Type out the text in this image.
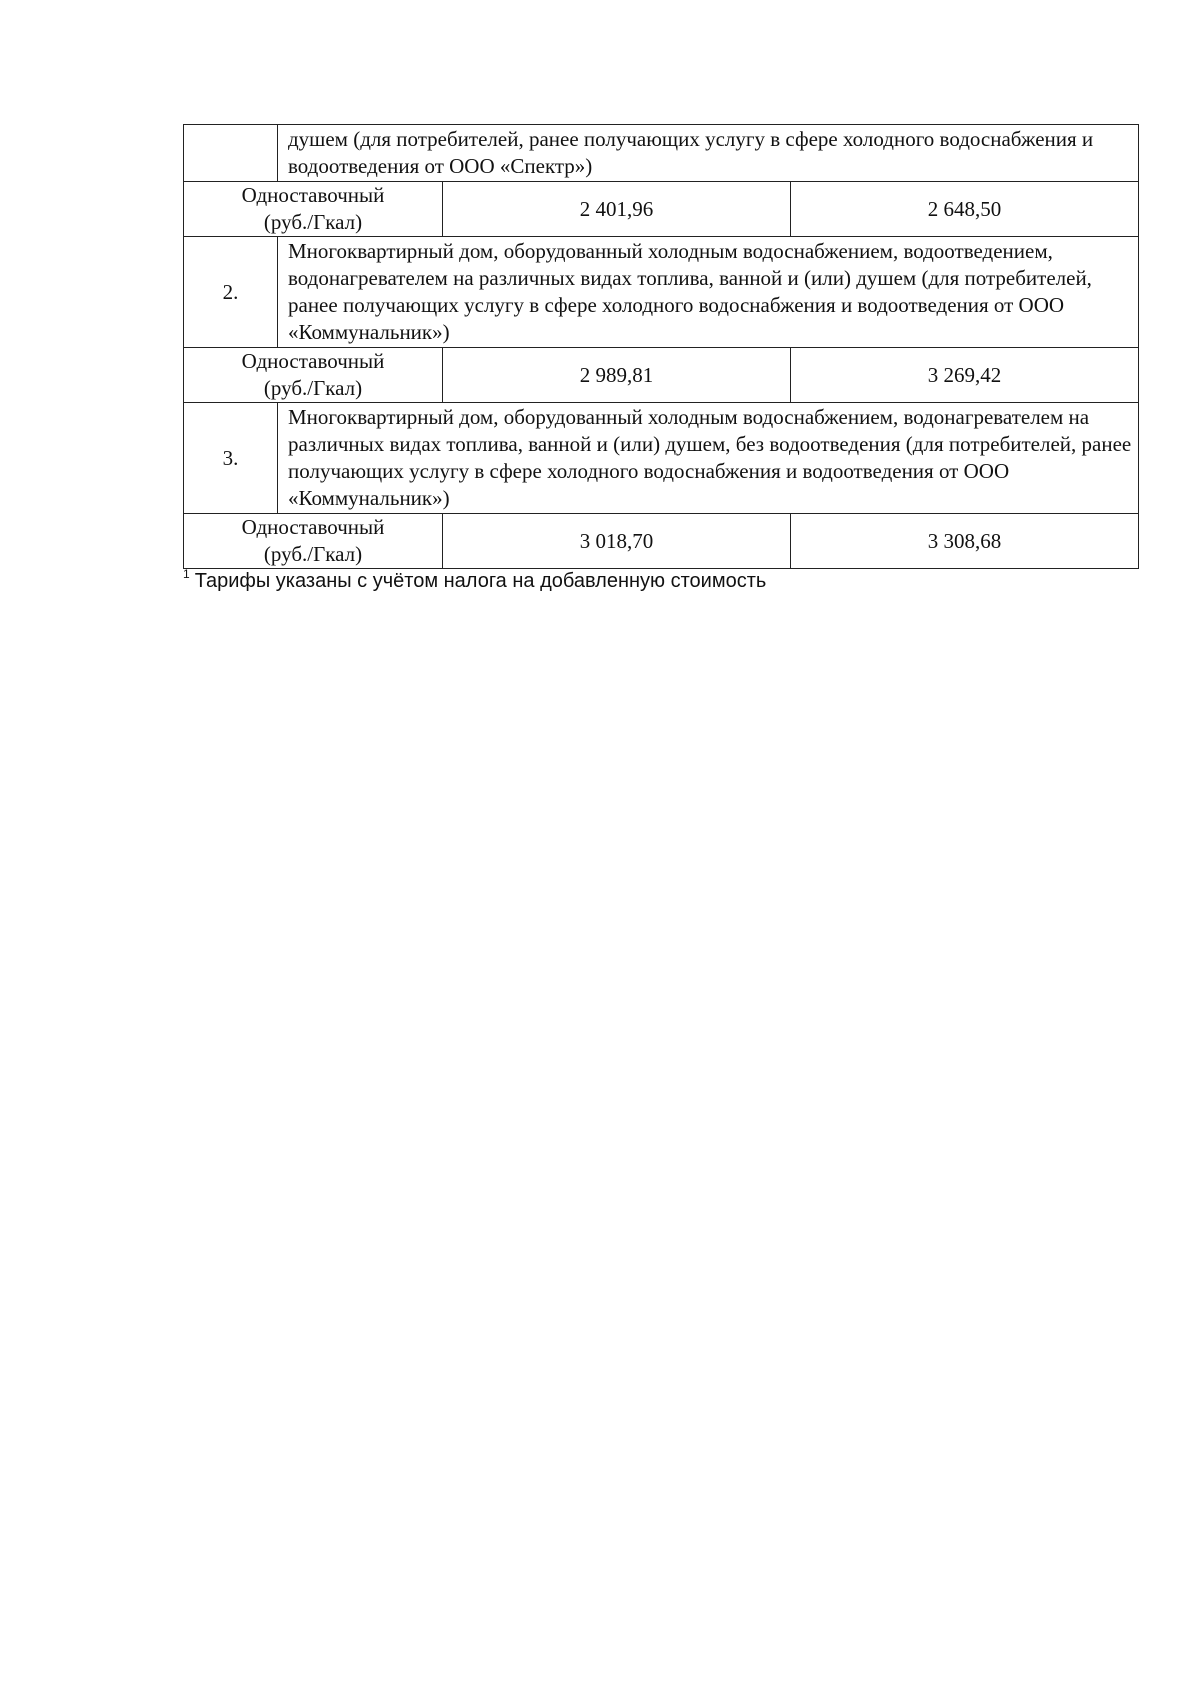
	душем (для потребителей, ранее получающих услугу в сфере холодного водоснабжения и водоотведения от ООО «Спектр»)		

Одноставочный
(руб./Гкал)		2 401,96	2 648,50
2.	Многоквартирный дом, оборудованный холодным водоснабжением, водоотведением, водонагревателем на различных видах топлива, ванной и (или) душем (для потребителей, ранее получающих услугу в сфере холодного водоснабжения и водоотведения от ООО «Коммунальник»)		

Одноставочный
(руб./Гкал)		2 989,81	3 269,42
3.	Многоквартирный дом, оборудованный холодным водоснабжением, водонагревателем на различных видах топлива, ванной и (или) душем, без водоотведения (для потребителей, ранее получающих услугу в сфере холодного водоснабжения и водоотведения от ООО «Коммунальник»)		

Одноставочный
(руб./Гкал)		3 018,70	3 308,68
$^1$ Тарифы указаны с учётом налога на добавленную стоимость
